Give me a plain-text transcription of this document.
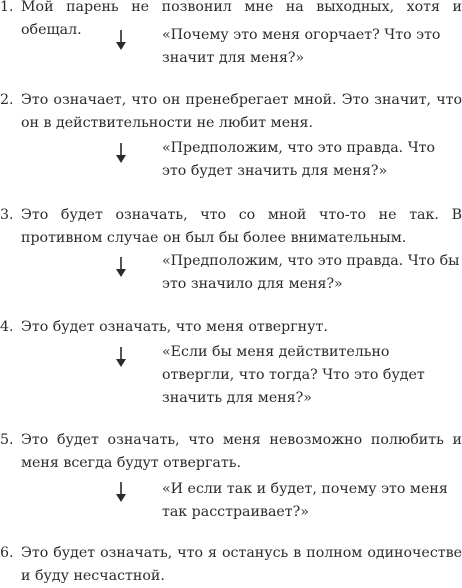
1. Мой парень не позвонил мне на выходных, хотя и обещал.	«Почему это меня огорчает? Что это значит для меня?»
2. Это означает, что он пренебрегает мной. Это значит, что он в действительности не любит меня.
«Предположим, что это правда. Что это будет значить для меня?»
3. Это будет означать, что со мной что-то не так. В противном случае он был бы более внимательным.
«Предположим, что это правда. Что бы это значило для меня?»
4. Это будет означать, что меня отвергнут.
«Если бы меня действительно отвергли, что тогда? Что это будет значить для меня?»
5. Это будет означать, что меня невозможно полюбить и меня всегда будут отвергать.
«И если так и будет, почему это меня так расстраивает?»
6. Это будет означать, что я останусь в полном одиночестве и буду несчастной.
